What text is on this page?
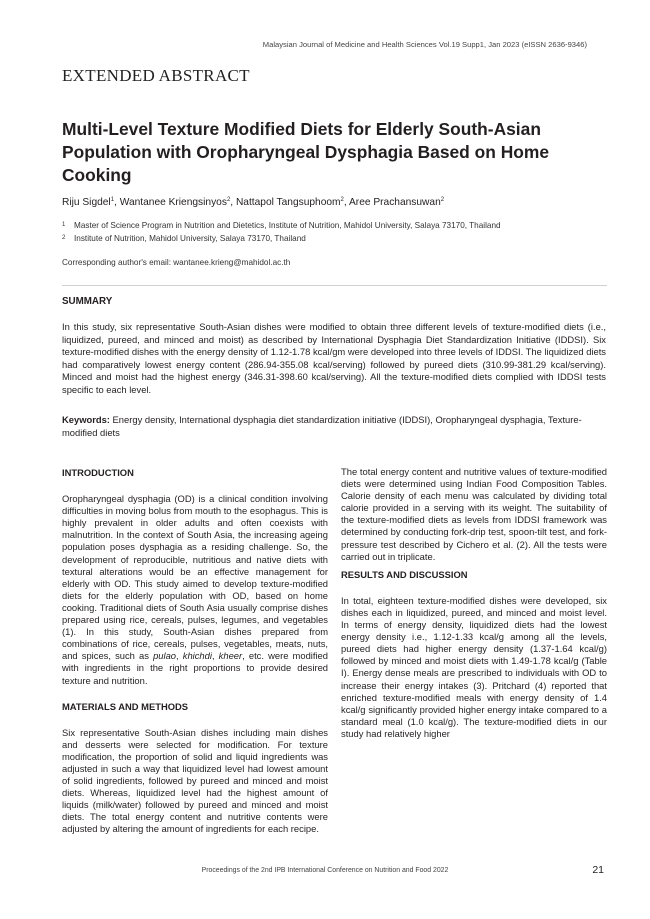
Malaysian Journal of Medicine and Health Sciences Vol.19 Supp1, Jan 2023 (eISSN 2636-9346)
EXTENDED ABSTRACT
Multi-Level Texture Modified Diets for Elderly South-Asian Population with Oropharyngeal Dysphagia Based on Home Cooking
Riju Sigdel$^1$, Wantanee Kriengsinyos$^2$, Nattapol Tangsuphoom$^2$, Aree Prachansuwan$^2$
1 Master of Science Program in Nutrition and Dietetics, Institute of Nutrition, Mahidol University, Salaya 73170, Thailand
2 Institute of Nutrition, Mahidol University, Salaya 73170, Thailand
Corresponding author's email: wantanee.krieng@mahidol.ac.th
SUMMARY
In this study, six representative South-Asian dishes were modified to obtain three different levels of texture-modified diets (i.e., liquidized, pureed, and minced and moist) as described by International Dysphagia Diet Standardization Initiative (IDDSI). Six texture-modified dishes with the energy density of 1.12-1.78 kcal/gm were developed into three levels of IDDSI. The liquidized diets had comparatively lowest energy content (286.94-355.08 kcal/serving) followed by pureed diets (310.99-381.29 kcal/serving). Minced and moist had the highest energy (346.31-398.60 kcal/serving). All the texture-modified diets complied with IDDSI tests specific to each level.
Keywords: Energy density, International dysphagia diet standardization initiative (IDDSI), Oropharyngeal dysphagia, Texture-modified diets
INTRODUCTION

Oropharyngeal dysphagia (OD) is a clinical condition involving difficulties in moving bolus from mouth to the esophagus. This is highly prevalent in older adults and often coexists with malnutrition. In the context of South Asia, the increasing ageing population poses dysphagia as a residing challenge. So, the development of reproducible, nutritious and native diets with textural alterations would be an effective management for elderly with OD. This study aimed to develop texture-modified diets for the elderly population with OD, based on home cooking. Traditional diets of South Asia usually comprise dishes prepared using rice, cereals, pulses, legumes, and vegetables (1). In this study, South-Asian dishes prepared from combinations of rice, cereals, pulses, vegetables, meats, nuts, and spices, such as pulao, khichdi, kheer, etc. were modified with ingredients in the right proportions to provide desired texture and nutrition.

MATERIALS AND METHODS

Six representative South-Asian dishes including main dishes and desserts were selected for modification. For texture modification, the proportion of solid and liquid ingredients was adjusted in such a way that liquidized level had lowest amount of solid ingredients, followed by pureed and minced and moist diets. Whereas, liquidized level had the highest amount of liquids (milk/water) followed by pureed and minced and moist diets. The total energy content and nutritive contents were adjusted by altering the amount of ingredients for each recipe.

The total energy content and nutritive values of texture-modified diets were determined using Indian Food Composition Tables. Calorie density of each menu was calculated by dividing total calorie provided in a serving with its weight. The suitability of the texture-modified diets as levels from IDDSI framework was determined by conducting fork-drip test, spoon-tilt test, and fork-pressure test described by Cichero et al. (2). All the tests were carried out in triplicate.

RESULTS AND DISCUSSION

In total, eighteen texture-modified dishes were developed, six dishes each in liquidized, pureed, and minced and moist level. In terms of energy density, liquidized diets had the lowest energy density i.e., 1.12-1.33 kcal/g among all the levels, pureed diets had higher energy density (1.37-1.64 kcal/g) followed by minced and moist diets with 1.49-1.78 kcal/g (Table I). Energy dense meals are prescribed to individuals with OD to increase their energy intakes (3). Pritchard (4) reported that enriched texture-modified meals with energy density of 1.4 kcal/g significantly provided higher energy intake compared to a standard meal (1.0 kcal/g). The texture-modified diets in our study had relatively higher

Proceedings of the 2nd IPB International Conference on Nutrition and Food 2022	21
